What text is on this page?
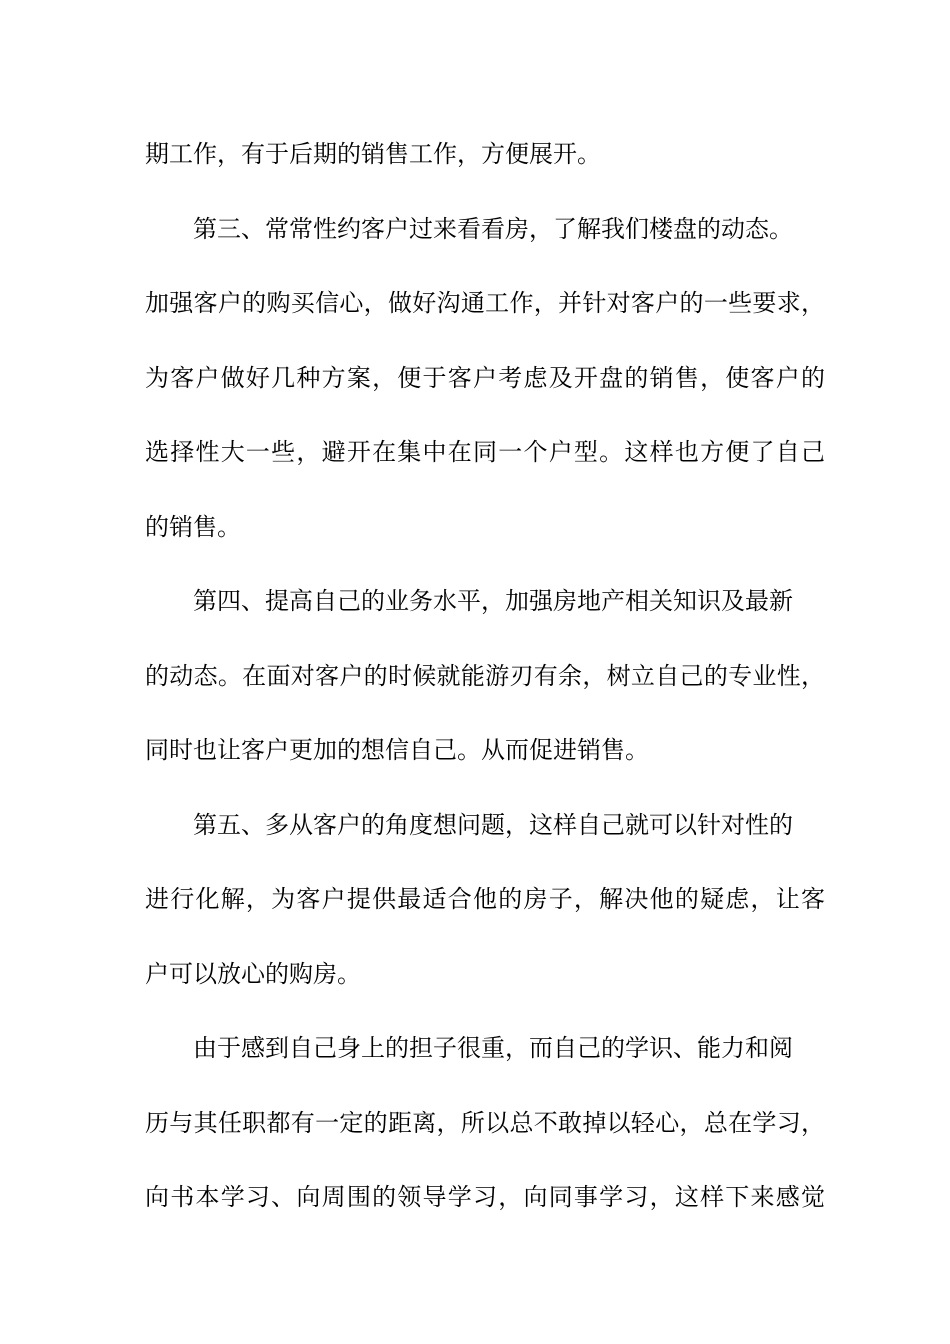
期工作，有于后期的销售工作，方便展开。
第三、常常性约客户过来看看房，了解我们楼盘的动态。
加强客户的购买信心，做好沟通工作，并针对客户的一些要求，
为客户做好几种方案，便于客户考虑及开盘的销售，使客户的
选择性大一些，避开在集中在同一个户型。这样也方便了自己
的销售。
第四、提高自己的业务水平，加强房地产相关知识及最新
的动态。在面对客户的时候就能游刃有余，树立自己的专业性，
同时也让客户更加的想信自己。从而促进销售。
第五、多从客户的角度想问题，这样自己就可以针对性的
进行化解，为客户提供最适合他的房子，解决他的疑虑，让客
户可以放心的购房。
由于感到自己身上的担子很重，而自己的学识、能力和阅
历与其任职都有一定的距离，所以总不敢掉以轻心，总在学习，
向书本学习、向周围的领导学习，向同事学习，这样下来感觉
